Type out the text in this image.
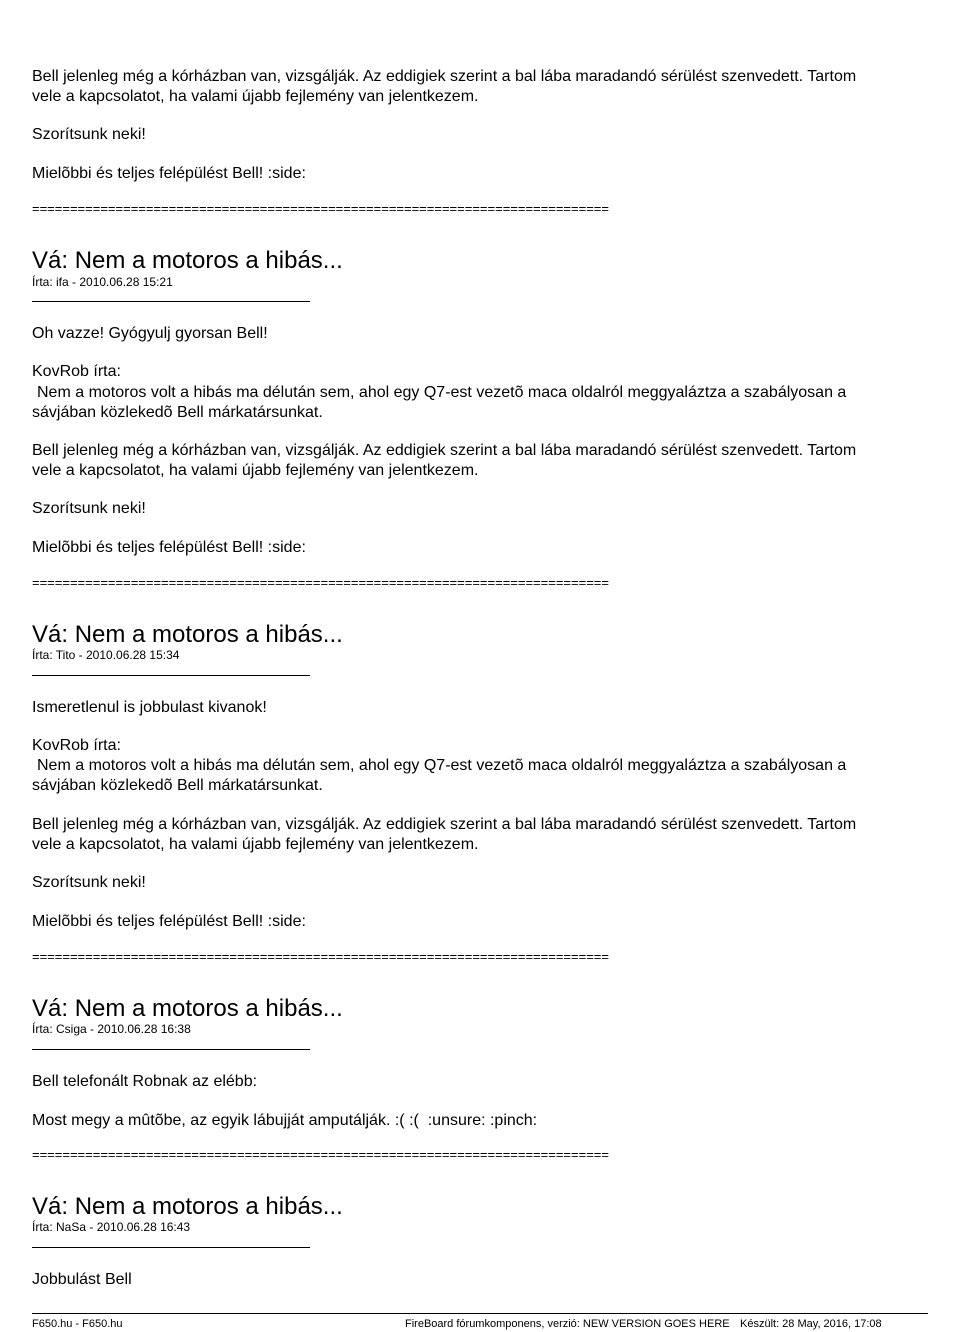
Bell jelenleg még a kórházban van, vizsgálják. Az eddigiek szerint a bal lába maradandó sérülést szenvedett. Tartom
vele a kapcsolatot, ha valami újabb fejlemény van jelentkezem.
Szorítsunk neki!
Mielõbbi és teljes felépülést Bell! :side:
============================================================================
Vá: Nem a motoros a hibás...
Írta: ifa - 2010.06.28 15:21
Oh vazze! Gyógyulj gyorsan Bell!
KovRob írta:
Nem a motoros volt a hibás ma délután sem, ahol egy Q7-est vezetõ maca oldalról meggyaláztza a szabályosan a
sávjában közlekedõ Bell márkatársunkat.
Bell jelenleg még a kórházban van, vizsgálják. Az eddigiek szerint a bal lába maradandó sérülést szenvedett. Tartom
vele a kapcsolatot, ha valami újabb fejlemény van jelentkezem.
Szorítsunk neki!
Mielõbbi és teljes felépülést Bell! :side:
============================================================================
Vá: Nem a motoros a hibás...
Írta: Tito - 2010.06.28 15:34
Ismeretlenul is jobbulast kivanok!
KovRob írta:
Nem a motoros volt a hibás ma délután sem, ahol egy Q7-est vezetõ maca oldalról meggyaláztza a szabályosan a
sávjában közlekedõ Bell márkatársunkat.
Bell jelenleg még a kórházban van, vizsgálják. Az eddigiek szerint a bal lába maradandó sérülést szenvedett. Tartom
vele a kapcsolatot, ha valami újabb fejlemény van jelentkezem.
Szorítsunk neki!
Mielõbbi és teljes felépülést Bell! :side:
============================================================================
Vá: Nem a motoros a hibás...
Írta: Csiga - 2010.06.28 16:38
Bell telefonált Robnak az elébb:
Most megy a mûtõbe, az egyik lábujját amputálják. :( :(  :unsure: :pinch:
============================================================================
Vá: Nem a motoros a hibás...
Írta: NaSa - 2010.06.28 16:43
Jobbulást Bell
F650.hu - F650.hu	FireBoard fórumkomponens, verzió: NEW VERSION GOES HERE Készült: 28 May, 2016, 17:08
